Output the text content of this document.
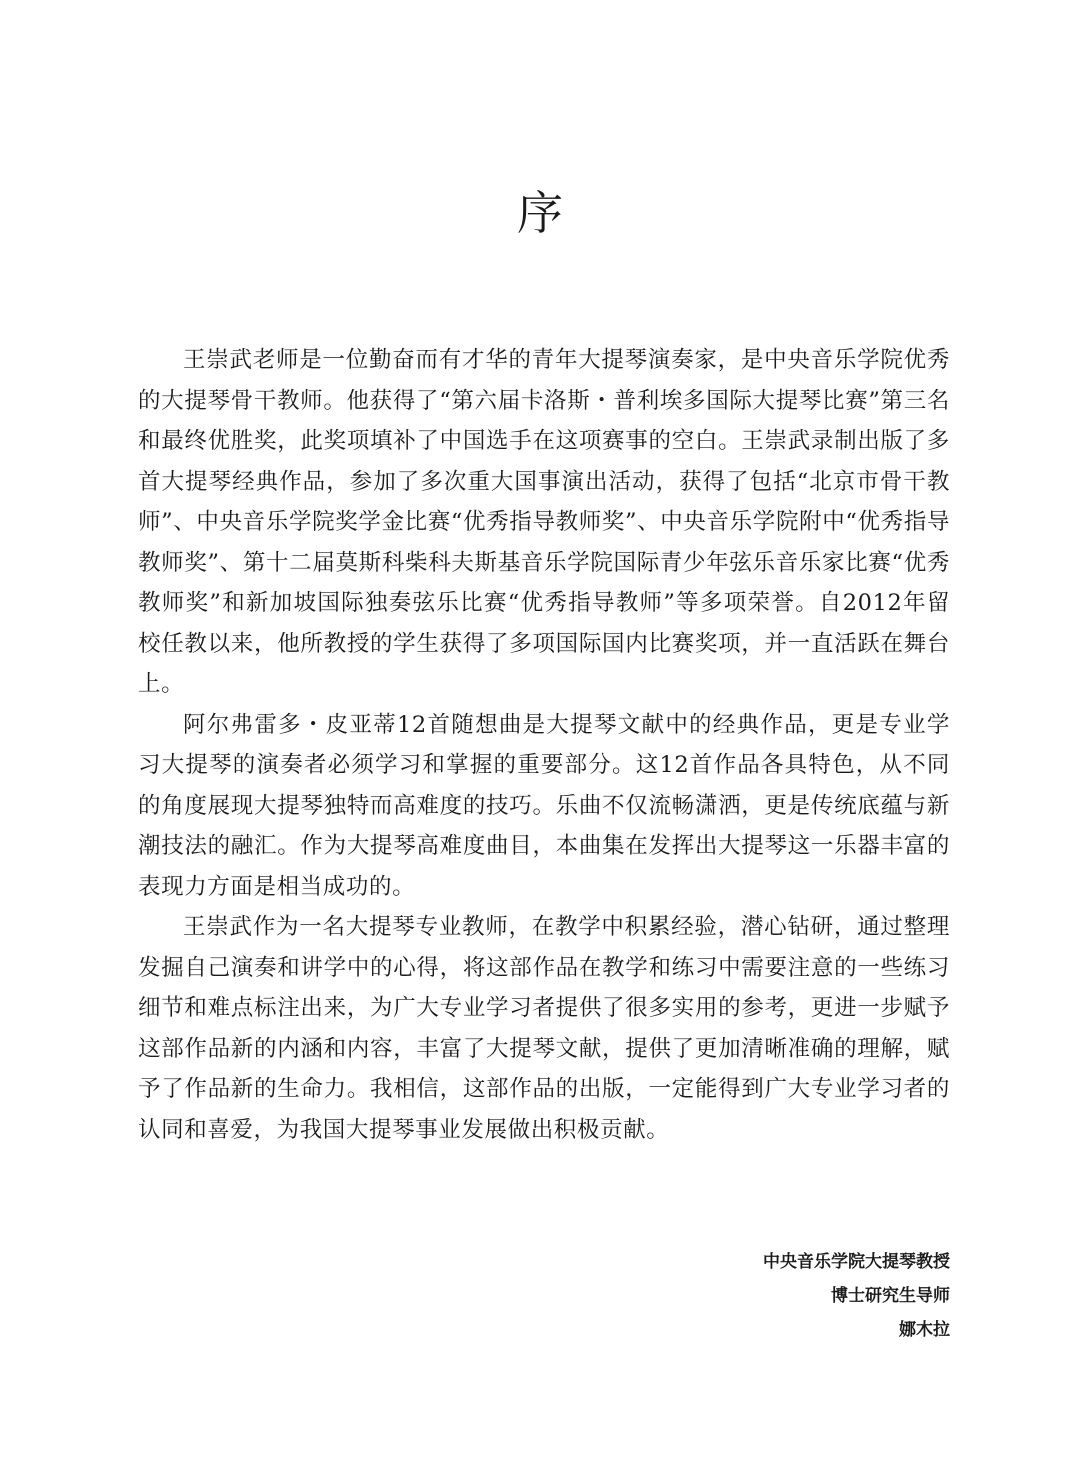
序

王崇武老师是一位勤奋而有才华的青年大提琴演奏家，是中央音乐学院优秀的大提琴骨干教师。他获得了“第六届卡洛斯・普利埃多国际大提琴比赛”第三名和最终优胜奖，此奖项填补了中国选手在这项赛事的空白。王崇武录制出版了多首大提琴经典作品，参加了多次重大国事演出活动，获得了包括“北京市骨干教师”、中央音乐学院奖学金比赛“优秀指导教师奖”、中央音乐学院附中“优秀指导教师奖”、第十二届莫斯科柴科夫斯基音乐学院国际青少年弦乐音乐家比赛“优秀教师奖”和新加坡国际独奏弦乐比赛“优秀指导教师”等多项荣誉。自2012年留校任教以来，他所教授的学生获得了多项国际国内比赛奖项，并一直活跃在舞台上。

阿尔弗雷多・皮亚蒂12首随想曲是大提琴文献中的经典作品，更是专业学习大提琴的演奏者必须学习和掌握的重要部分。这12首作品各具特色，从不同的角度展现大提琴独特而高难度的技巧。乐曲不仅流畅潇洒，更是传统底蕴与新潮技法的融汇。作为大提琴高难度曲目，本曲集在发挥出大提琴这一乐器丰富的表现力方面是相当成功的。

王崇武作为一名大提琴专业教师，在教学中积累经验，潜心钻研，通过整理发掘自己演奏和讲学中的心得，将这部作品在教学和练习中需要注意的一些练习细节和难点标注出来，为广大专业学习者提供了很多实用的参考，更进一步赋予这部作品新的内涵和内容，丰富了大提琴文献，提供了更加清晰准确的理解，赋予了作品新的生命力。我相信，这部作品的出版，一定能得到广大专业学习者的认同和喜爱，为我国大提琴事业发展做出积极贡献。

中央音乐学院大提琴教授
博士研究生导师
娜木拉
